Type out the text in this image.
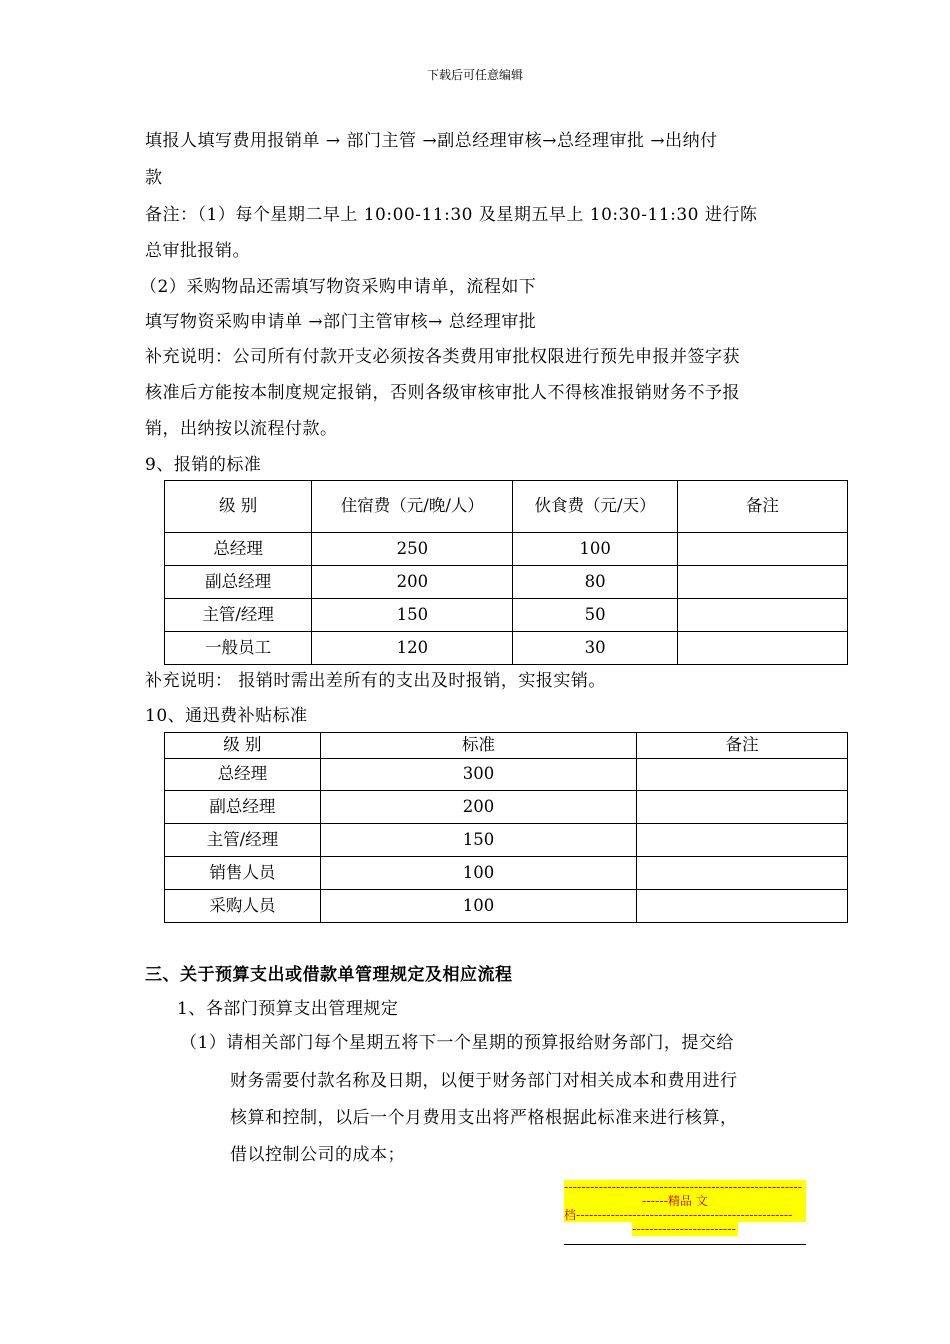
下载后可任意编辑
填报人填写费用报销单 → 部门主管 →副总经理审核→总经理审批 →出纳付
款
备注：（1）每个星期二早上 10:00-11:30 及星期五早上 10:30-11:30 进行陈
总审批报销。
（2）采购物品还需填写物资采购申请单，流程如下
填写物资采购申请单 →部门主管审核→ 总经理审批
补充说明：公司所有付款开支必须按各类费用审批权限进行预先申报并签字获
核准后方能按本制度规定报销，否则各级审核审批人不得核准报销财务不予报
销，出纳按以流程付款。
9、报销的标准
级 别	住宿费（元/晚/人）	伙食费（元/天）	备注
总经理	250	100	
副总经理	200	80	
主管/经理	150	50	
一般员工	120	30	
补充说明： 报销时需出差所有的支出及时报销，实报实销。
10、通迅费补贴标准
级 别	标准	备注
总经理	300	
副总经理	200	
主管/经理	150	
销售人员	100	
采购人员	100	
三、关于预算支出或借款单管理规定及相应流程
1、各部门预算支出管理规定
（1）请相关部门每个星期五将下一个星期的预算报给财务部门，提交给
财务需要付款名称及日期，以便于财务部门对相关成本和费用进行
核算和控制，以后一个月费用支出将严格根据此标准来进行核算，
借以控制公司的成本；
-------------------------------------------------------
------精品 文
档--------------------------------------------------
------------------------
